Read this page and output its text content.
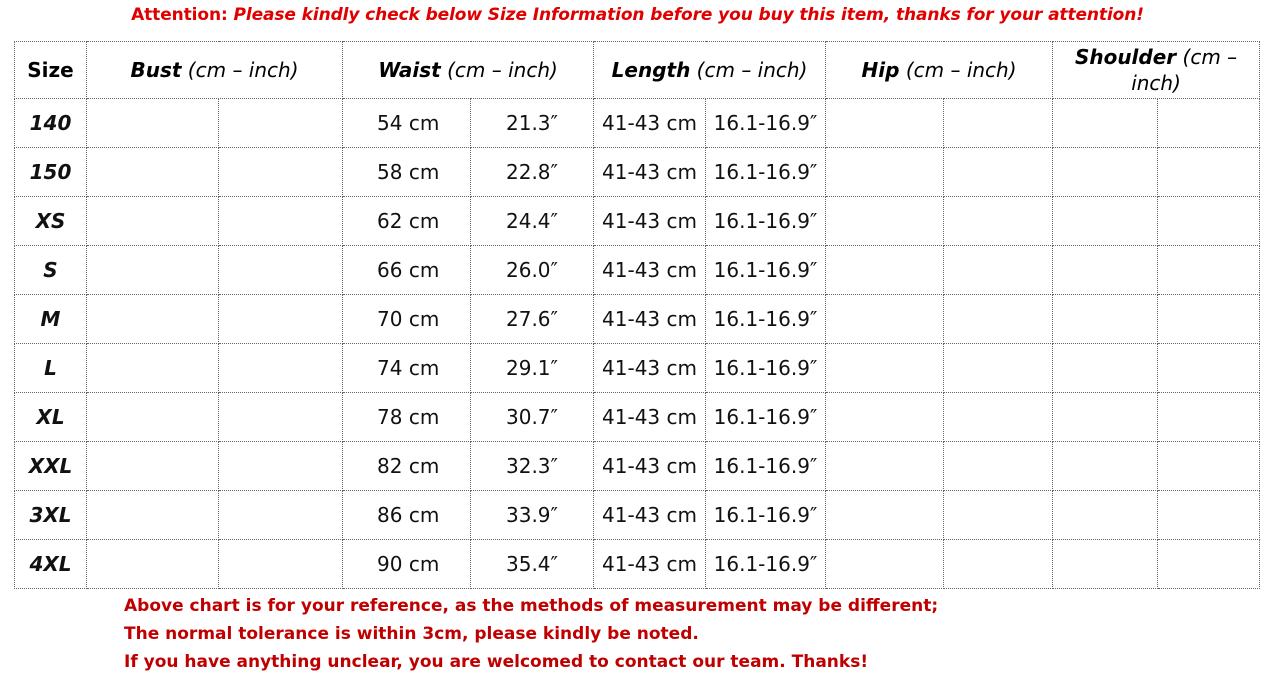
Attention: Please kindly check below Size Information before you buy this item, thanks for your attention!
Size	Bust (cm – inch)		Waist (cm – inch)		Length (cm – inch)		Hip (cm – inch)		Shoulder (cm – inch)	
140			54 cm	21.3″	41-43 cm	16.1-16.9″				
150			58 cm	22.8″	41-43 cm	16.1-16.9″				
XS			62 cm	24.4″	41-43 cm	16.1-16.9″				
S			66 cm	26.0″	41-43 cm	16.1-16.9″				
M			70 cm	27.6″	41-43 cm	16.1-16.9″				
L			74 cm	29.1″	41-43 cm	16.1-16.9″				
XL			78 cm	30.7″	41-43 cm	16.1-16.9″				
XXL			82 cm	32.3″	41-43 cm	16.1-16.9″				
3XL			86 cm	33.9″	41-43 cm	16.1-16.9″				
4XL			90 cm	35.4″	41-43 cm	16.1-16.9″				
Above chart is for your reference, as the methods of measurement may be different;
The normal tolerance is within 3cm, please kindly be noted.
If you have anything unclear, you are welcomed to contact our team. Thanks!
